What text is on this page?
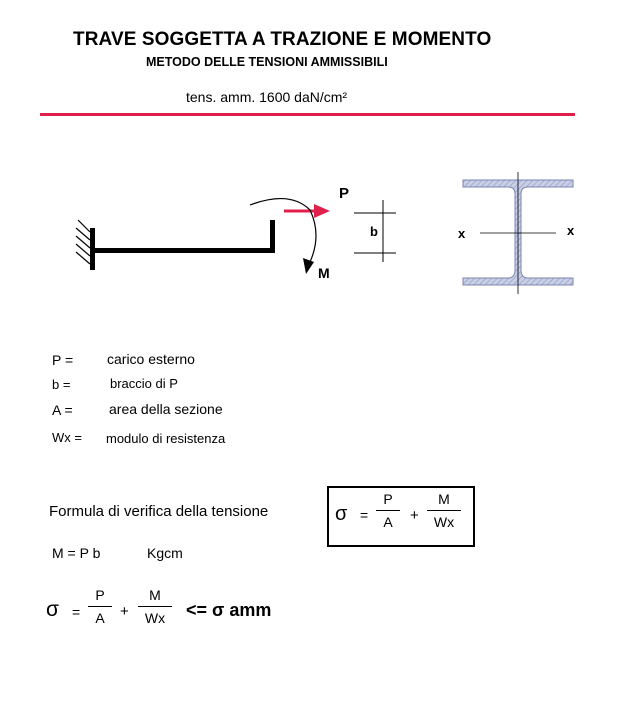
TRAVE SOGGETTA A TRAZIONE E MOMENTO
METODO DELLE TENSIONI AMMISSIBILI
tens. amm. 1600 daN/cm²
P
M
b	x	x
P = carico esterno
b =	braccio di P
A =	area della sezione
Wx = modulo di resistenza
Formula di verifica della tensione	σ =
P
A	+
M
Wx
M = P b	Kgcm
σ =
P
A	+
M
Wx	<= σ amm
